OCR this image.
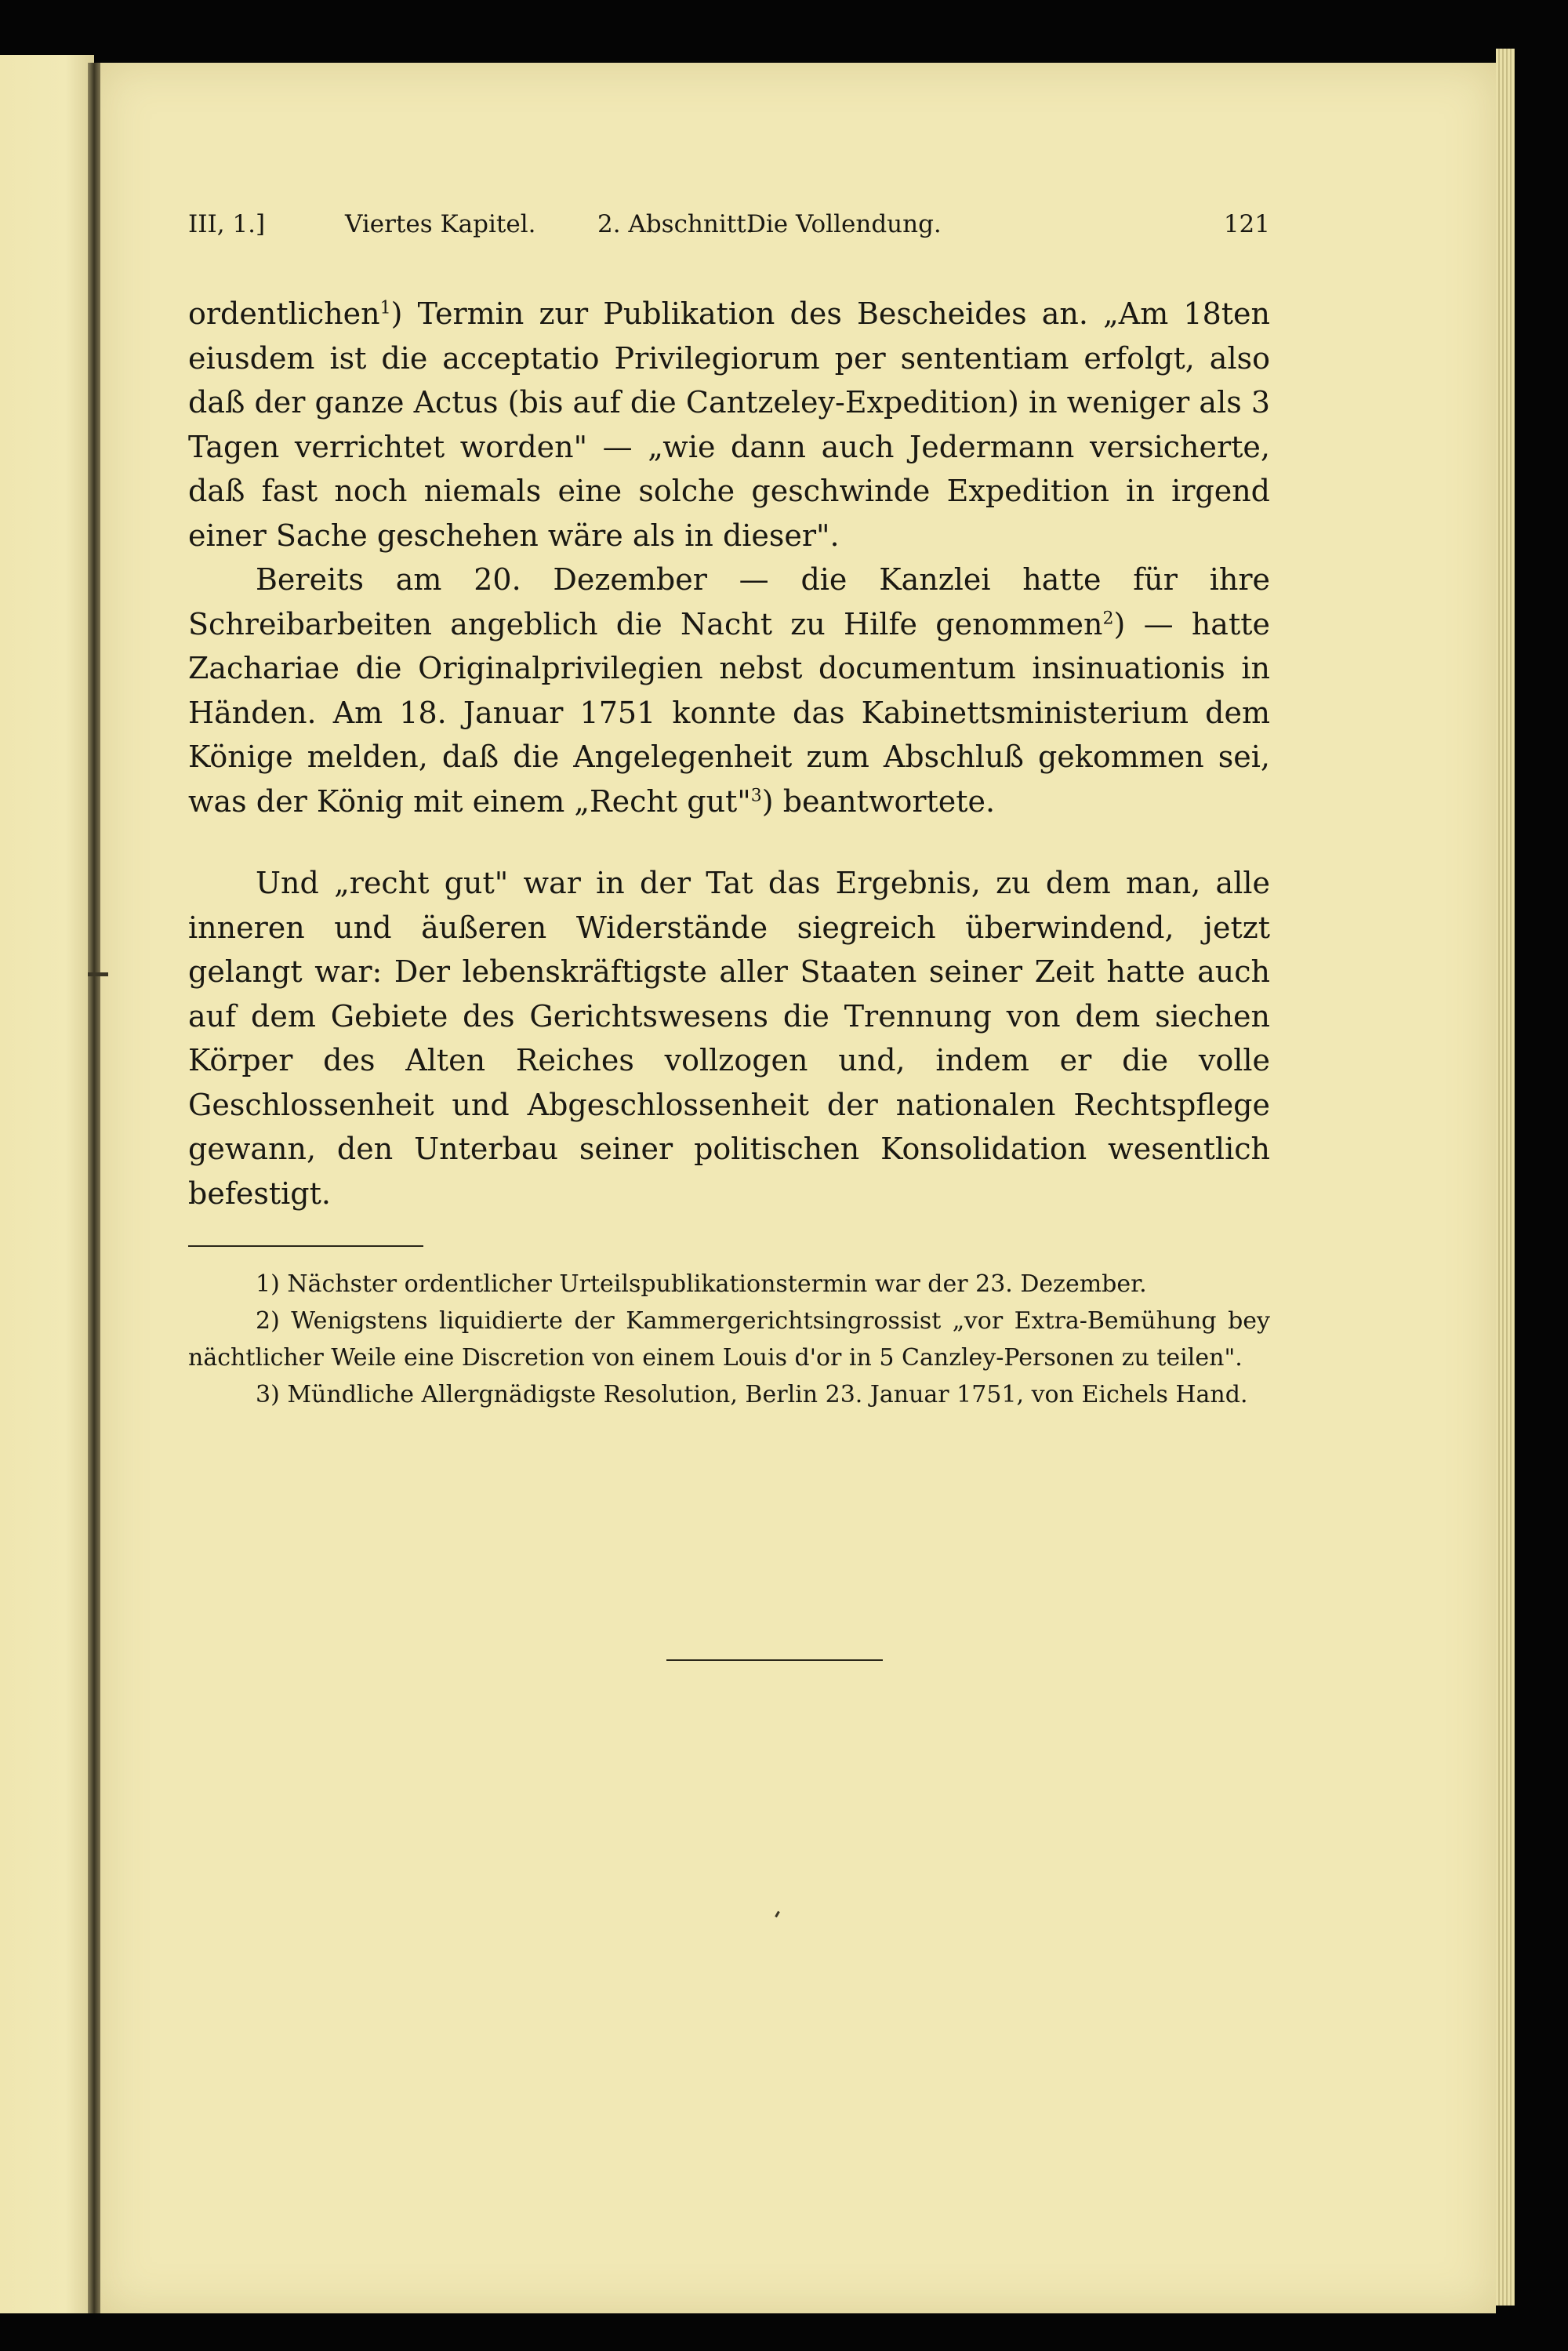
III, 1.]	Viertes Kapitel.	2. Abschnitt.
Die Vollendung.	121

ordentlichen$^1$) Termin zur Publikation des Bescheides an. „Am 18ten eiusdem ist die acceptatio Privilegiorum per sententiam erfolgt, also daß der ganze Actus (bis auf die Cantzeley-Expedition) in weniger als 3 Tagen verrichtet worden" — „wie dann auch Jedermann versicherte, daß fast noch niemals eine solche geschwinde Expedition in irgend einer Sache geschehen wäre als in dieser".

Bereits am 20. Dezember — die Kanzlei hatte für ihre Schreibarbeiten angeblich die Nacht zu Hilfe genommen$^2$) — hatte Zachariae die Originalprivilegien nebst documentum insinuationis in Händen. Am 18. Januar 1751 konnte das Kabinettsministerium dem Könige melden, daß die Angelegenheit zum Abschluß gekommen sei, was der König mit einem „Recht gut"$^3$) beantwortete.

Und „recht gut" war in der Tat das Ergebnis, zu dem man, alle inneren und äußeren Widerstände siegreich überwindend, jetzt gelangt war: Der lebenskräftigste aller Staaten seiner Zeit hatte auch auf dem Gebiete des Gerichtswesens die Trennung von dem siechen Körper des Alten Reiches vollzogen und, indem er die volle Geschlossenheit und Abgeschlossenheit der nationalen Rechtspflege gewann, den Unterbau seiner politischen Konsolidation wesentlich befestigt.

1) Nächster ordentlicher Urteilspublikationstermin war der 23. Dezember.

2) Wenigstens liquidierte der Kammergerichtsingrossist „vor Extra-Bemühung bey nächtlicher Weile eine Discretion von einem Louis d'or in 5 Canzley-Personen zu teilen".

3) Mündliche Allergnädigste Resolution, Berlin 23. Januar 1751, von Eichels Hand.
